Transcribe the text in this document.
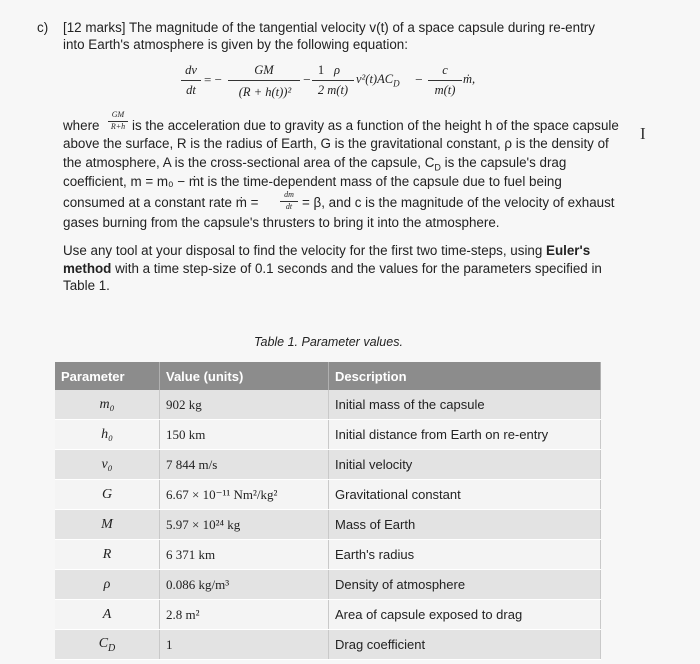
c) [12 marks] The magnitude of the tangential velocity v(t) of a space capsule during re-entry
into Earth's atmosphere is given by the following equation:
dv
dt
= −
GM
(R + h(t))²
−
1 ρ
2 m(t)
$v^2(t)AC_D$ −
c
m(t)
ṁ,
where
GM
R+h is the acceleration due to gravity as a function of the height h of the space capsule I
above the surface, R is the radius of Earth, G is the gravitational constant, ρ is the density of
the atmosphere, A is the cross-sectional area of the capsule, $C_D$ is the capsule's drag
coefficient, m = m₀ − ṁt is the time-dependent mass of the capsule due to fuel being
consumed at a constant rate ṁ =
dm
dt = β, and c is the magnitude of the velocity of exhaust
gases burning from the capsule's thrusters to bring it into the atmosphere.
Use any tool at your disposal to find the velocity for the first two time-steps, using Euler's
method with a time step-size of 0.1 seconds and the values for the parameters specified in
Table 1.
Table 1. Parameter values.
Parameter	Value (units)	Description
m₀	902 kg	Initial mass of the capsule
h₀	150 km	Initial distance from Earth on re-entry
v₀	7 844 m/s	Initial velocity
G	6.67 × 10⁻¹¹ Nm²/kg²	Gravitational constant
M	5.97 × 10²⁴ kg	Mass of Earth
R	6 371 km	Earth's radius
ρ	0.086 kg/m³	Density of atmosphere
A	2.8 m²	Area of capsule exposed to drag
$C_D$	1	Drag coefficient
